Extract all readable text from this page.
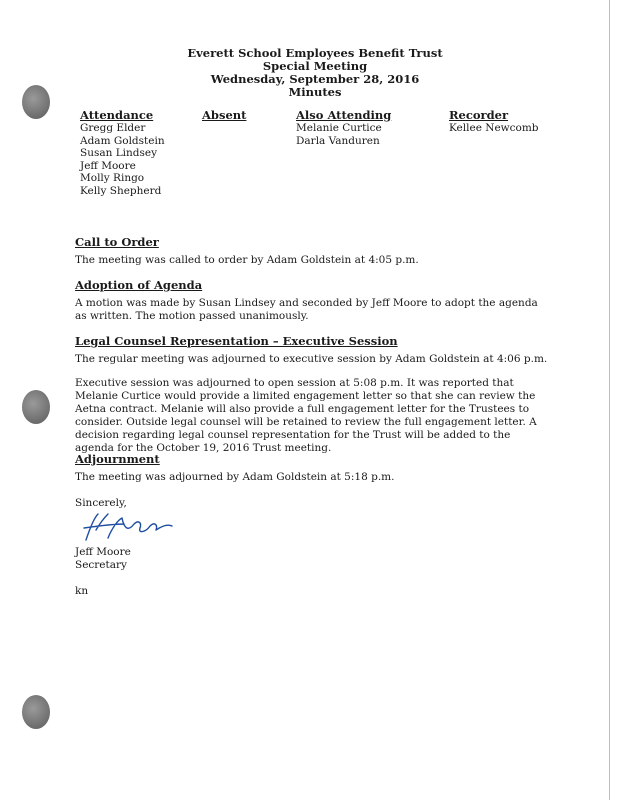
Everett School Employees Benefit Trust
Special Meeting
Wednesday, September 28, 2016
Minutes
Attendance
Gregg Elder
Adam Goldstein
Susan Lindsey
Jeff Moore
Molly Ringo
Kelly Shepherd
Absent	Also Attending
Melanie Curtice
Darla Vanduren
Recorder
Kellee Newcomb
Call to Order
The meeting was called to order by Adam Goldstein at 4:05 p.m.
Adoption of Agenda
A motion was made by Susan Lindsey and seconded by Jeff Moore to adopt the agenda as written. The motion passed unanimously.
Legal Counsel Representation – Executive Session
The regular meeting was adjourned to executive session by Adam Goldstein at 4:06 p.m.
Executive session was adjourned to open session at 5:08 p.m. It was reported that Melanie Curtice would provide a limited engagement letter so that she can review the Aetna contract. Melanie will also provide a full engagement letter for the Trustees to consider. Outside legal counsel will be retained to review the full engagement letter. A decision regarding legal counsel representation for the Trust will be added to the agenda for the October 19, 2016 Trust meeting.
Adjournment
The meeting was adjourned by Adam Goldstein at 5:18 p.m.
Sincerely,
Jeff Moore
Secretary
kn
